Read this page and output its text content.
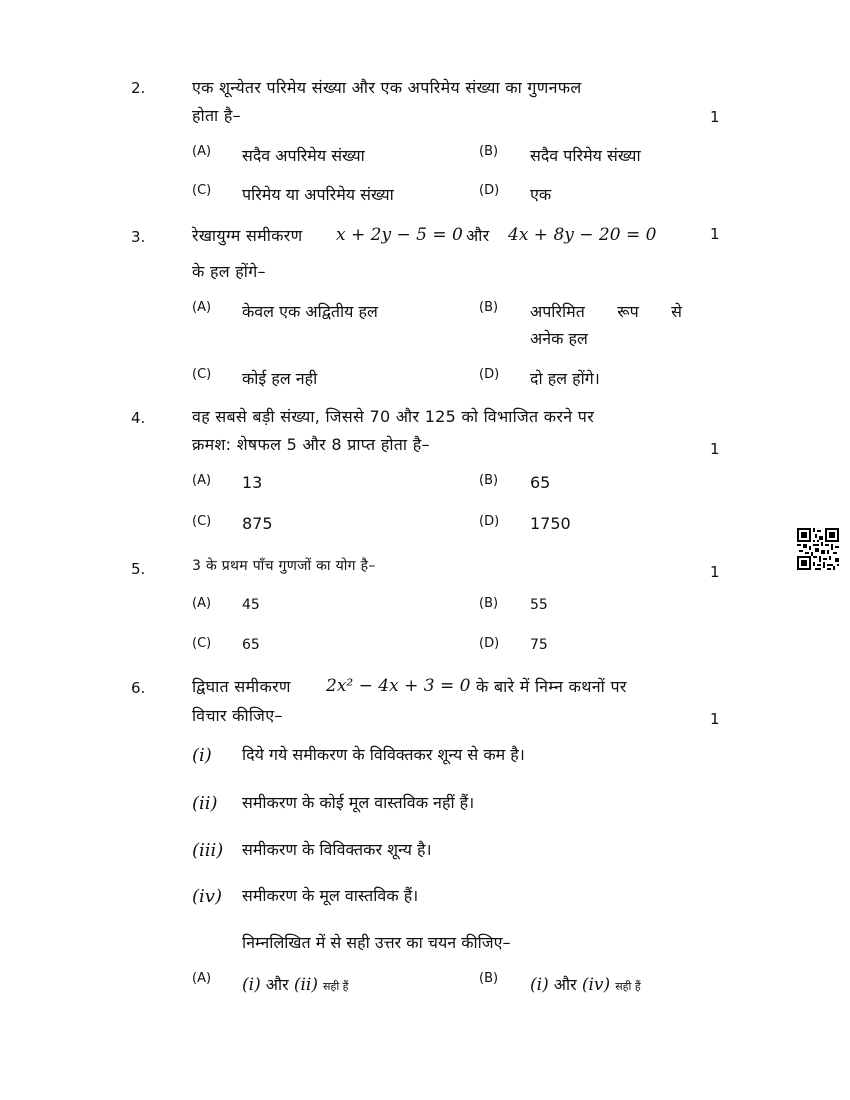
2.	एक शून्येतर परिमेय संख्या और एक अपरिमेय संख्या का गुणनफल
होता है–	1
(A) सदैव अपरिमेय संख्या	(B) सदैव परिमेय संख्या
(C) परिमेय या अपरिमेय संख्या	(D) एक
3.	रेखायुग्म समीकरण x + 2y − 5 = 0 और 4x + 8y − 20 = 0	1
के हल होंगे–
(A) केवल एक अद्वितीय हल	(B) अपरिमित रूप से
अनेक हल
(C) कोई हल नही	(D) दो हल होंगे।
4.	वह सबसे बड़ी संख्या, जिससे 70 और 125 को विभाजित करने पर
क्रमश: शेषफल 5 और 8 प्राप्त होता है–	1
(A) 13	(B) 65
(C) 875	(D) 1750
5.	3 के प्रथम पाँच गुणजों का योग है–	1
(A) 45	(B) 55
(C) 65	(D) 75
6.	द्विघात समीकरण 2x² − 4x + 3 = 0 के बारे में निम्न कथनों पर
विचार कीजिए–	1
(i) दिये गये समीकरण के विविक्तकर शून्य से कम है।
(ii) समीकरण के कोई मूल वास्तविक नहीं हैं।
(iii) समीकरण के विविक्तकर शून्य है।
(iv) समीकरण के मूल वास्तविक हैं।
निम्नलिखित में से सही उत्तर का चयन कीजिए–
(A) (i) और (ii) सही हैं
(B) (i) और (iv) सही हैं
